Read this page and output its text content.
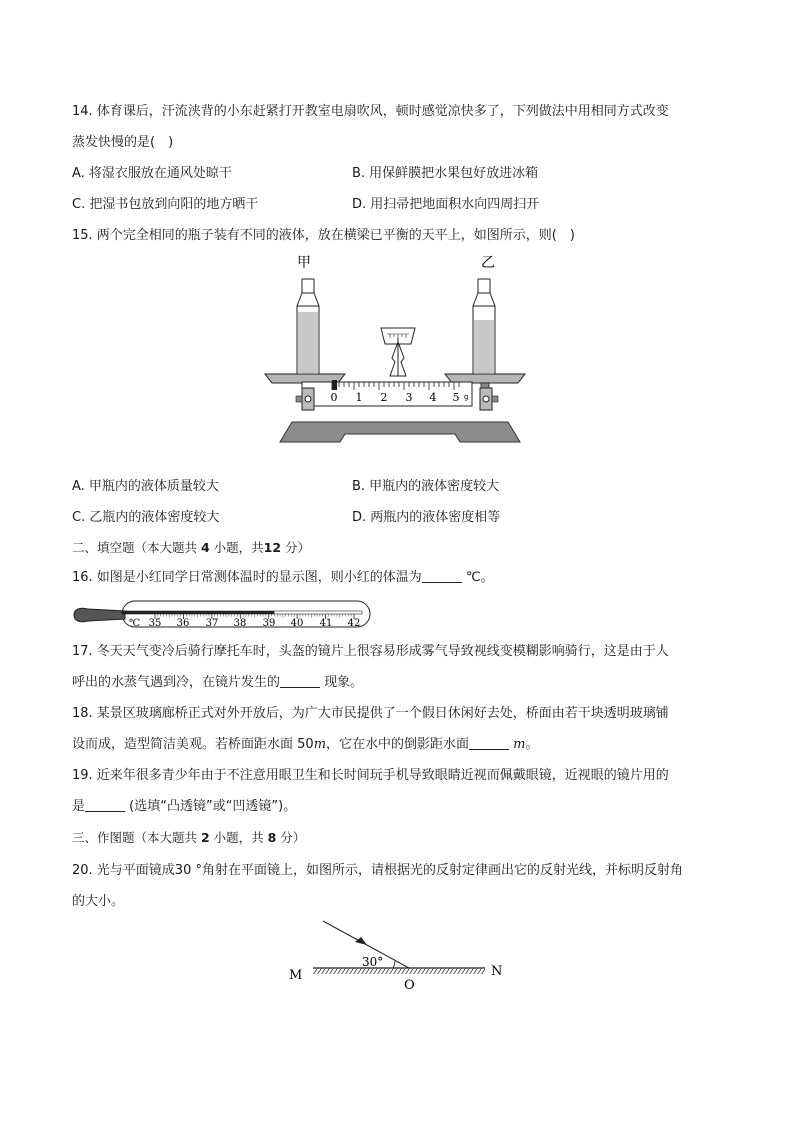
14. 体育课后，汗流浃背的小东赶紧打开教室电扇吹风，顿时感觉凉快多了，下列做法中用相同方式改变
蒸发快慢的是(　)
A. 将湿衣服放在通风处晾干	B. 用保鲜膜把水果包好放进冰箱
C. 把湿书包放到向阳的地方晒干	D. 用扫帚把地面积水向四周扫开
15. 两个完全相同的瓶子装有不同的液体，放在横梁已平衡的天平上，如图所示，则(　)
甲	乙
0 1 2 3 4 5 g
A. 甲瓶内的液体质量较大	B. 甲瓶内的液体密度较大
C. 乙瓶内的液体密度较大	D. 两瓶内的液体密度相等
二、填空题（本大题共 4 小题，共12 分）
16. 如图是小红同学日常测体温时的显示图，则小红的体温为	℃。
℃ 35 36 37 38 39 40 41 42
17. 冬天天气变冷后骑行摩托车时，头盔的镜片上很容易形成雾气导致视线变模糊影响骑行，这是由于人
呼出的水蒸气遇到冷，在镜片发生的	现象。
18. 某景区玻璃廊桥正式对外开放后，为广大市民提供了一个假日休闲好去处，桥面由若干块透明玻璃铺
设而成，造型简洁美观。若桥面距水面 50m，它在水中的倒影距水面	m。
19. 近来年很多青少年由于不注意用眼卫生和长时间玩手机导致眼睛近视而佩戴眼镜，近视眼的镜片用的
是	(选填“凸透镜”或“凹透镜”)。
三、作图题（本大题共 2 小题，共 8 分）
20. 光与平面镜成30 °角射在平面镜上，如图所示，请根据光的反射定律画出它的反射光线，并标明反射角
的大小。
30°
M	N
O
